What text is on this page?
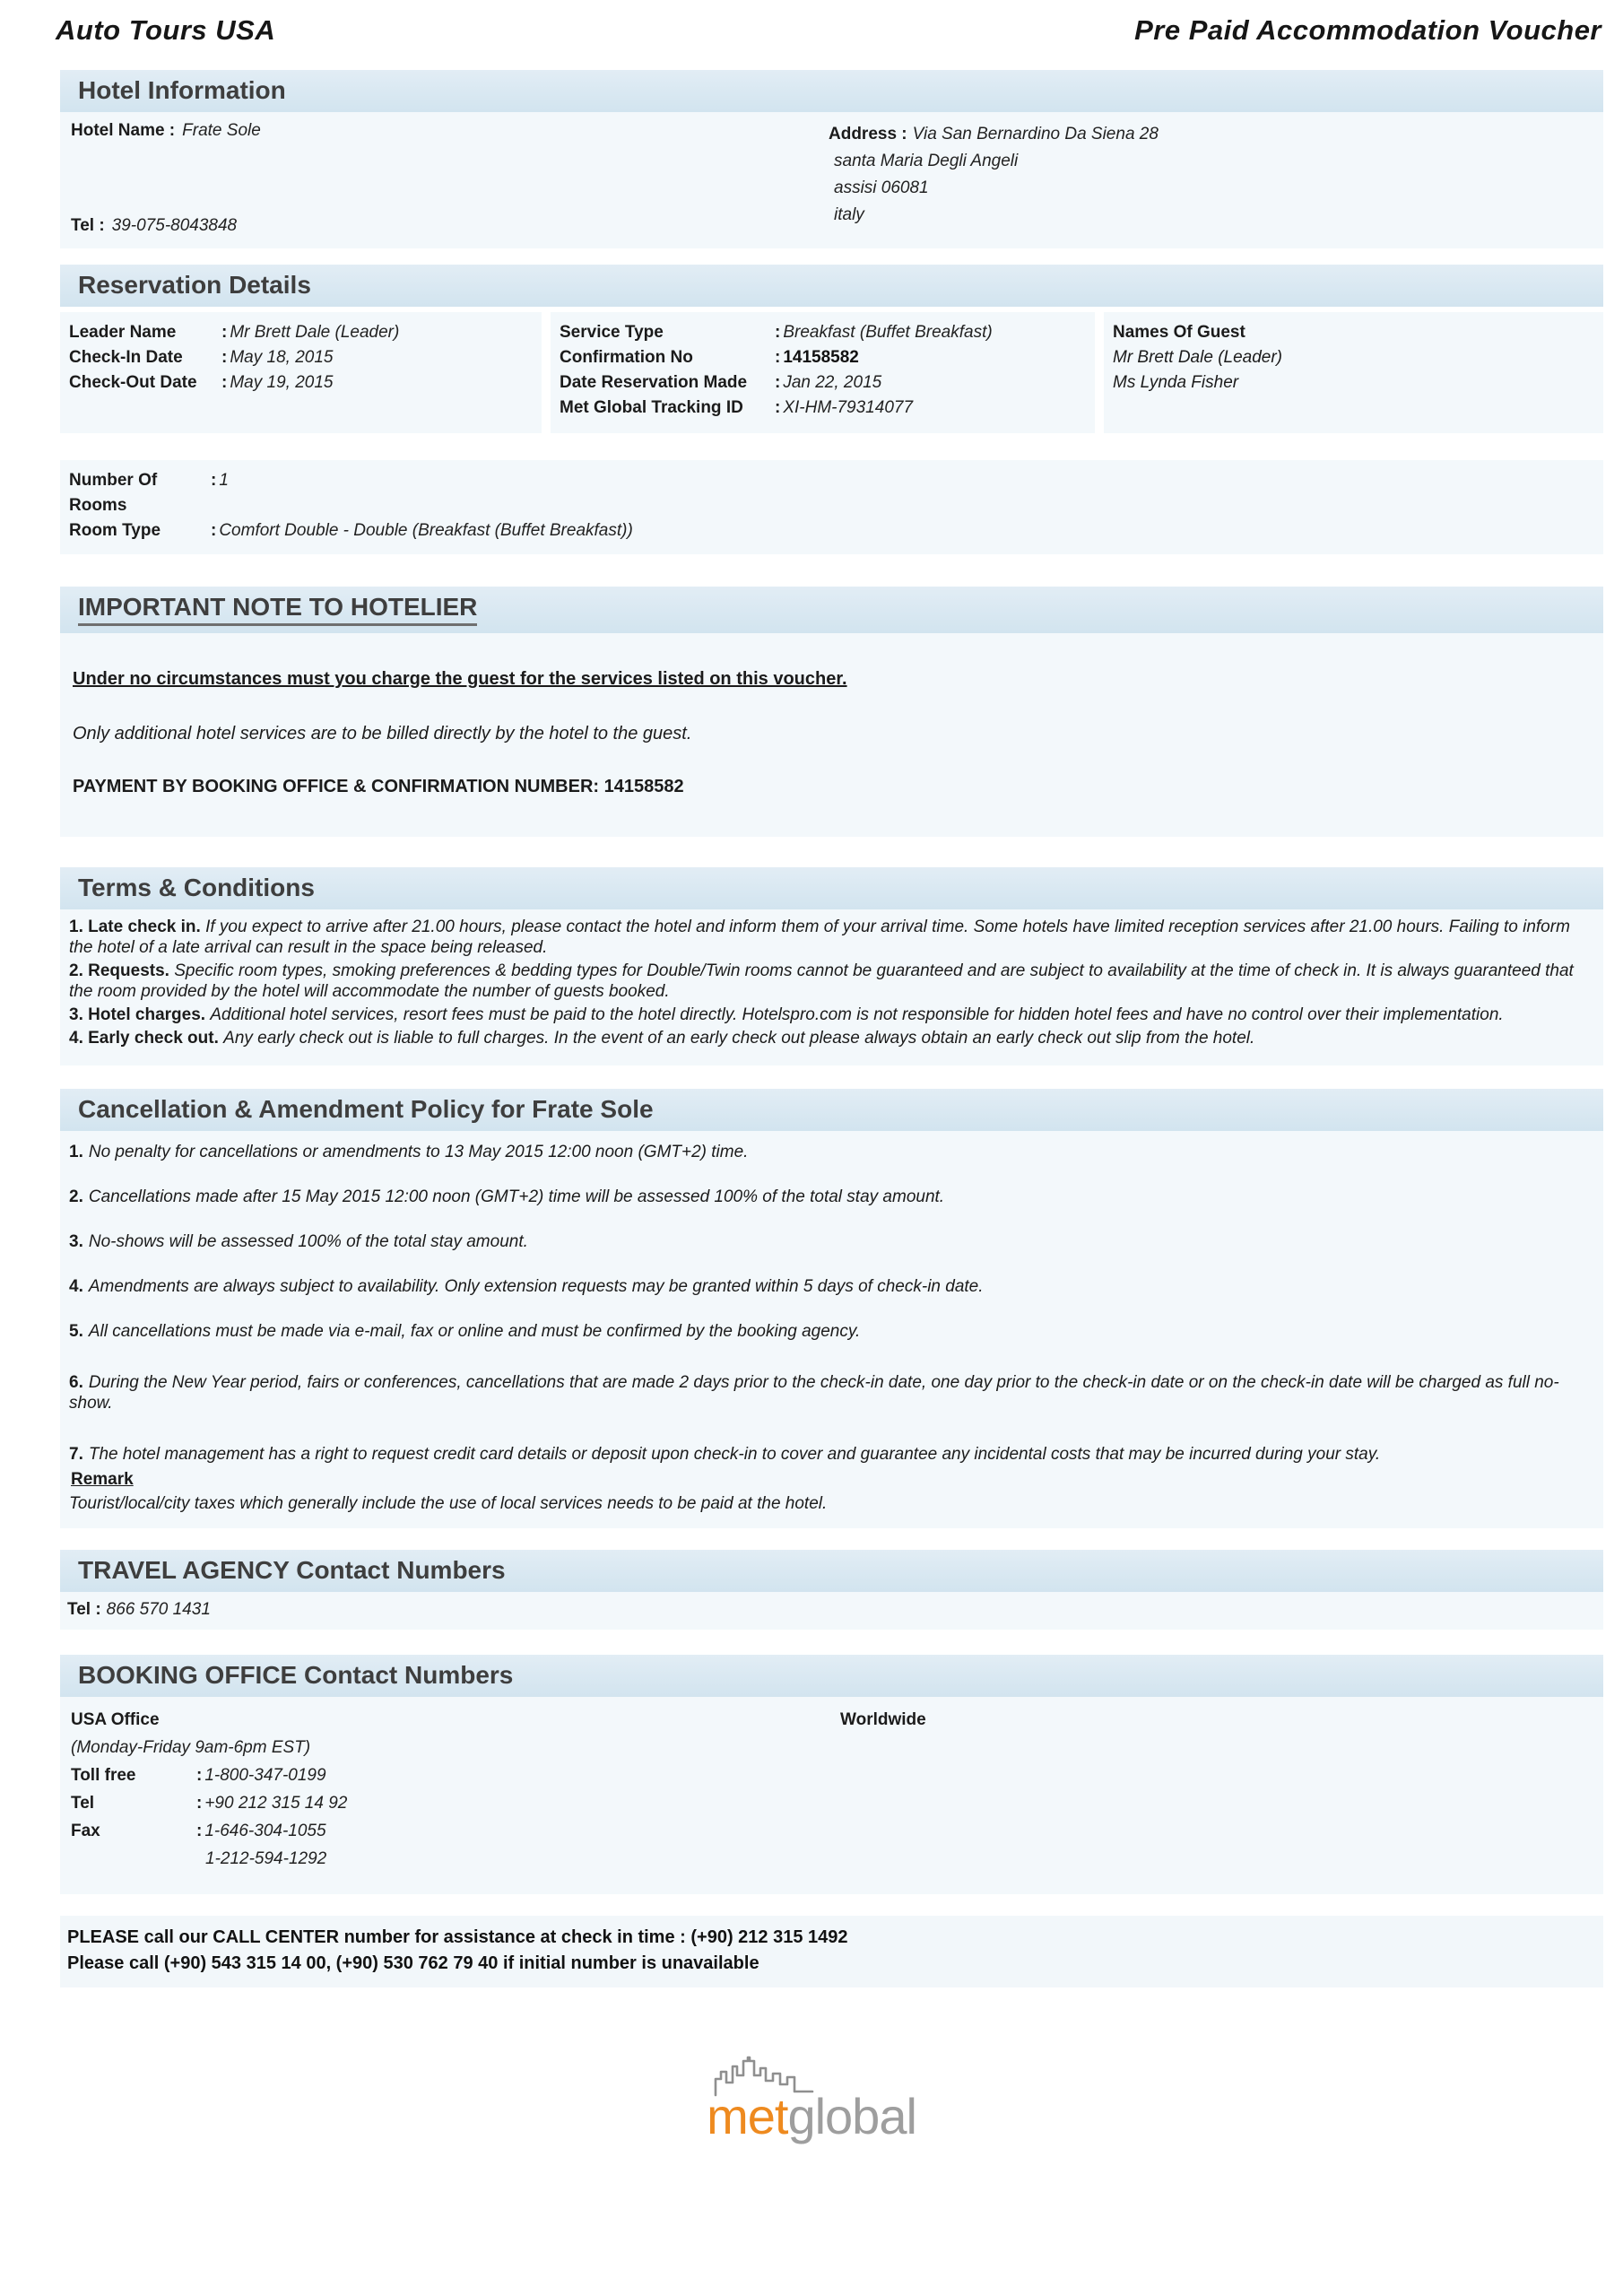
Auto Tours USA	Pre Paid Accommodation Voucher
Hotel Information
Hotel Name : Frate Sole
Tel : 39-075-8043848
Address : Via San Bernardino Da Siena 28
santa Maria Degli Angeli
assisi 06081
italy
Reservation Details
Leader Name	: Mr Brett Dale (Leader)
Check-In Date	: May 18, 2015
Check-Out Date	: May 19, 2015
Service Type	: Breakfast (Buffet Breakfast)
Confirmation No	: 14158582
Date Reservation Made	: Jan 22, 2015
Met Global Tracking ID	: XI-HM-79314077
Names Of Guest
Mr Brett Dale (Leader)
Ms Lynda Fisher
Number Of Rooms
: 1
Room Type	: Comfort Double - Double (Breakfast (Buffet Breakfast))
IMPORTANT NOTE TO HOTELIER

Under no circumstances must you charge the guest for the services listed on this voucher.

Only additional hotel services are to be billed directly by the hotel to the guest.

PAYMENT BY BOOKING OFFICE & CONFIRMATION NUMBER: 14158582

Terms & Conditions

1. Late check in. If you expect to arrive after 21.00 hours, please contact the hotel and inform them of your arrival time. Some hotels have limited reception services after 21.00 hours. Failing to inform the hotel of a late arrival can result in the space being released.

2. Requests. Specific room types, smoking preferences & bedding types for Double/Twin rooms cannot be guaranteed and are subject to availability at the time of check in. It is always guaranteed that the room provided by the hotel will accommodate the number of guests booked.

3. Hotel charges. Additional hotel services, resort fees must be paid to the hotel directly. Hotelspro.com is not responsible for hidden hotel fees and have no control over their implementation.

4. Early check out. Any early check out is liable to full charges. In the event of an early check out please always obtain an early check out slip from the hotel.

Cancellation & Amendment Policy for Frate Sole
1. No penalty for cancellations or amendments to 13 May 2015 12:00 noon (GMT+2) time.
2. Cancellations made after 15 May 2015 12:00 noon (GMT+2) time will be assessed 100% of the total stay amount.
3. No-shows will be assessed 100% of the total stay amount.
4. Amendments are always subject to availability. Only extension requests may be granted within 5 days of check-in date.
5. All cancellations must be made via e-mail, fax or online and must be confirmed by the booking agency.
6. During the New Year period, fairs or conferences, cancellations that are made 2 days prior to the check-in date, one day prior to the check-in date or on the check-in date will be charged as full no-show.
7. The hotel management has a right to request credit card details or deposit upon check-in to cover and guarantee any incidental costs that may be incurred during your stay.
Remark
Tourist/local/city taxes which generally include the use of local services needs to be paid at the hotel.
TRAVEL AGENCY Contact Numbers
Tel : 866 570 1431
BOOKING OFFICE Contact Numbers
USA Office
(Monday-Friday 9am-6pm EST)
Toll free	: 1-800-347-0199
Tel	: +90 212 315 14 92
Fax	: 1-646-304-1055
1-212-594-1292
Worldwide
PLEASE call our CALL CENTER number for assistance at check in time : (+90) 212 315 1492
Please call (+90) 543 315 14 00, (+90) 530 762 79 40 if initial number is unavailable
metglobal
